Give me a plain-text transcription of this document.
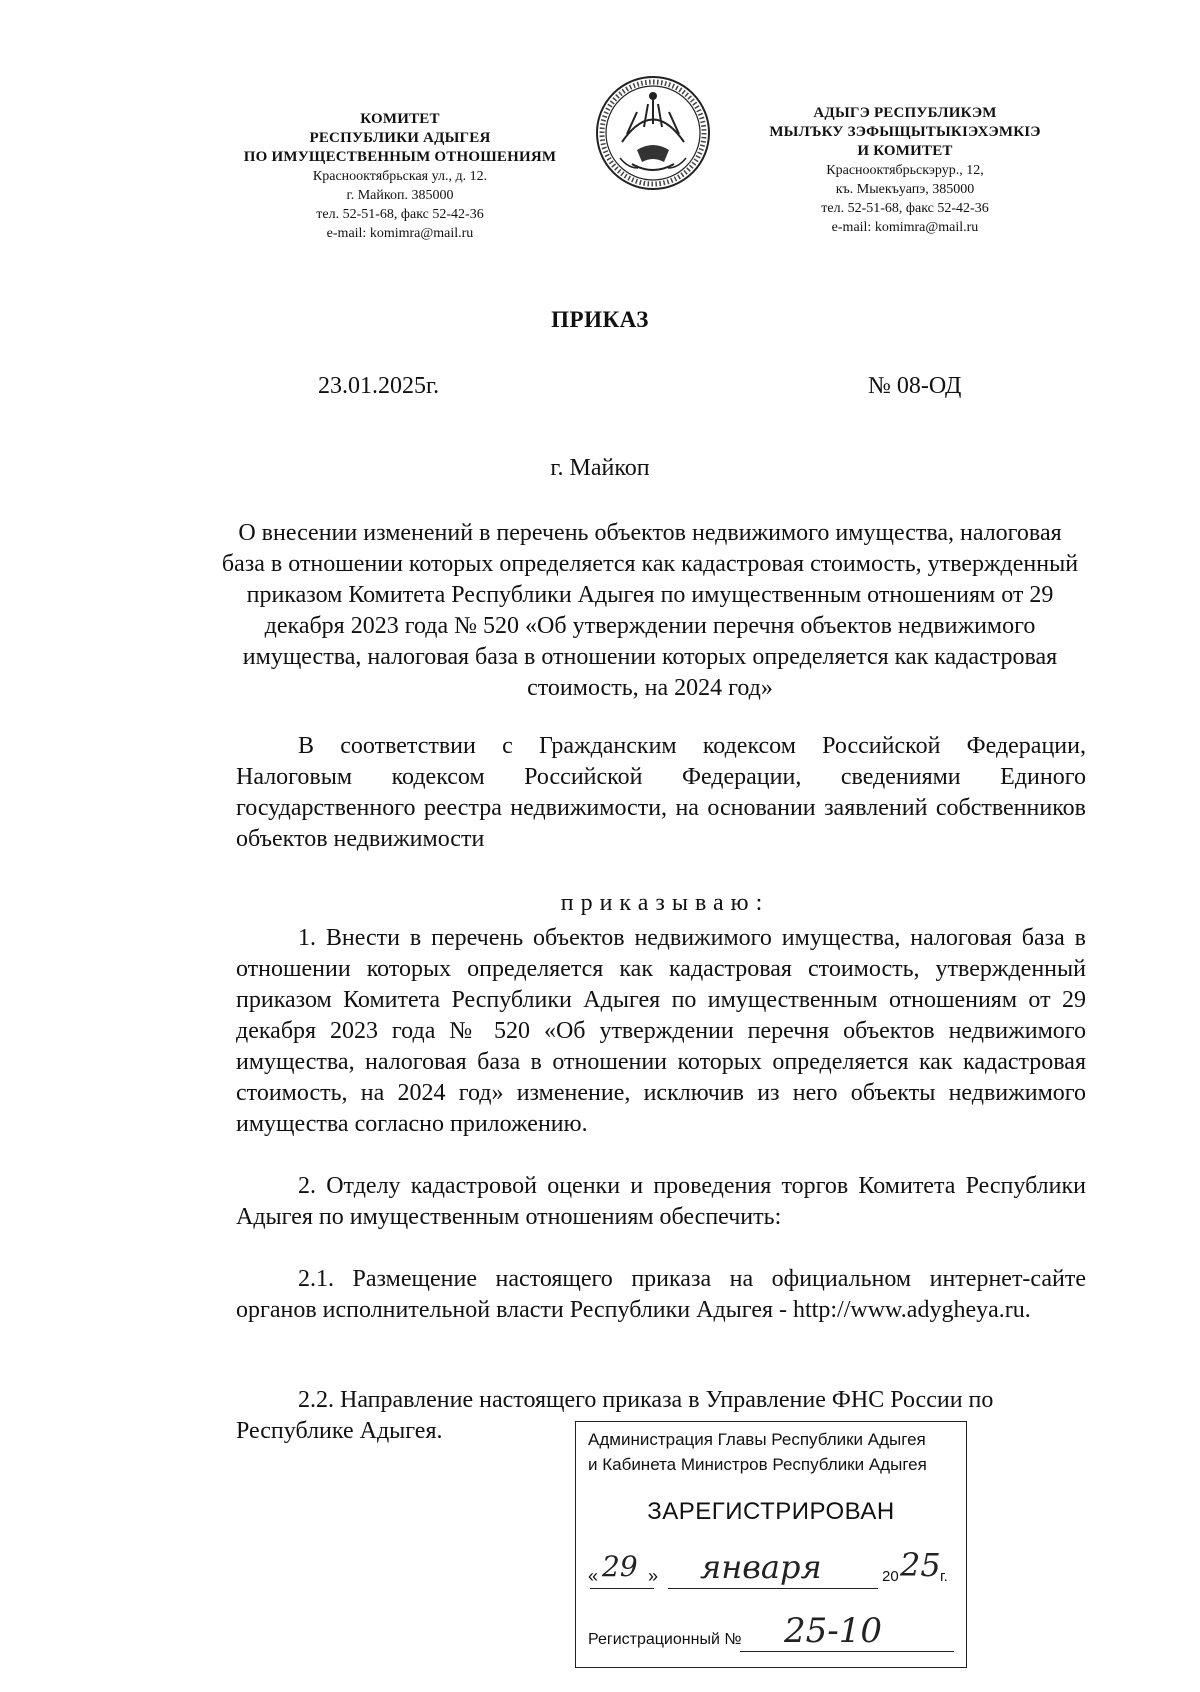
КОМИТЕТ
РЕСПУБЛИКИ АДЫГЕЯ
ПО ИМУЩЕСТВЕННЫМ ОТНОШЕНИЯМ
Краснооктябрьская ул., д. 12.
г. Майкоп. 385000
тел. 52-51-68, факс 52-42-36
e-mail: komimra@mail.ru
АДЫГЭ РЕСПУБЛИКЭМ
МЫЛЪКУ ЗЭФЫЩЫТЫКIЭХЭМКIЭ
И КОМИТЕТ
Краснооктябрьскэрур., 12,
къ. Мыекъуапэ, 385000
тел. 52-51-68, факс 52-42-36
e-mail: komimra@mail.ru
ПРИКАЗ
23.01.2025г.	№ 08-ОД
г. Майкоп
О внесении изменений в перечень объектов недвижимого имущества, налоговая база в отношении которых определяется как кадастровая стоимость, утвержденный приказом Комитета Республики Адыгея по имущественным отношениям от 29 декабря 2023 года № 520 «Об утверждении перечня объектов недвижимого имущества, налоговая база в отношении которых определяется как кадастровая стоимость, на 2024 год»
В соответствии с Гражданским кодексом Российской Федерации, Налоговым кодексом Российской Федерации, сведениями Единого государственного реестра недвижимости, на основании заявлений собственников объектов недвижимости
приказываю:
1. Внести в перечень объектов недвижимого имущества, налоговая база в отношении которых определяется как кадастровая стоимость, утвержденный приказом Комитета Республики Адыгея по имущественным отношениям от 29 декабря 2023 года № 520 «Об утверждении перечня объектов недвижимого имущества, налоговая база в отношении которых определяется как кадастровая стоимость, на 2024 год» изменение, исключив из него объекты недвижимого имущества согласно приложению.
2. Отделу кадастровой оценки и проведения торгов Комитета Республики Адыгея по имущественным отношениям обеспечить:
2.1. Размещение настоящего приказа на официальном интернет-сайте органов исполнительной власти Республики Адыгея - http://www.adygheya.ru.
2.2. Направление настоящего приказа в Управление ФНС России по
Республике Адыгея.	Администрация Главы Республики Адыгея
и Кабинета Министров Республики Адыгея
ЗАРЕГИСТРИРОВАН
« 29 » января	20 25 г.
Регистрационный № 25-10
